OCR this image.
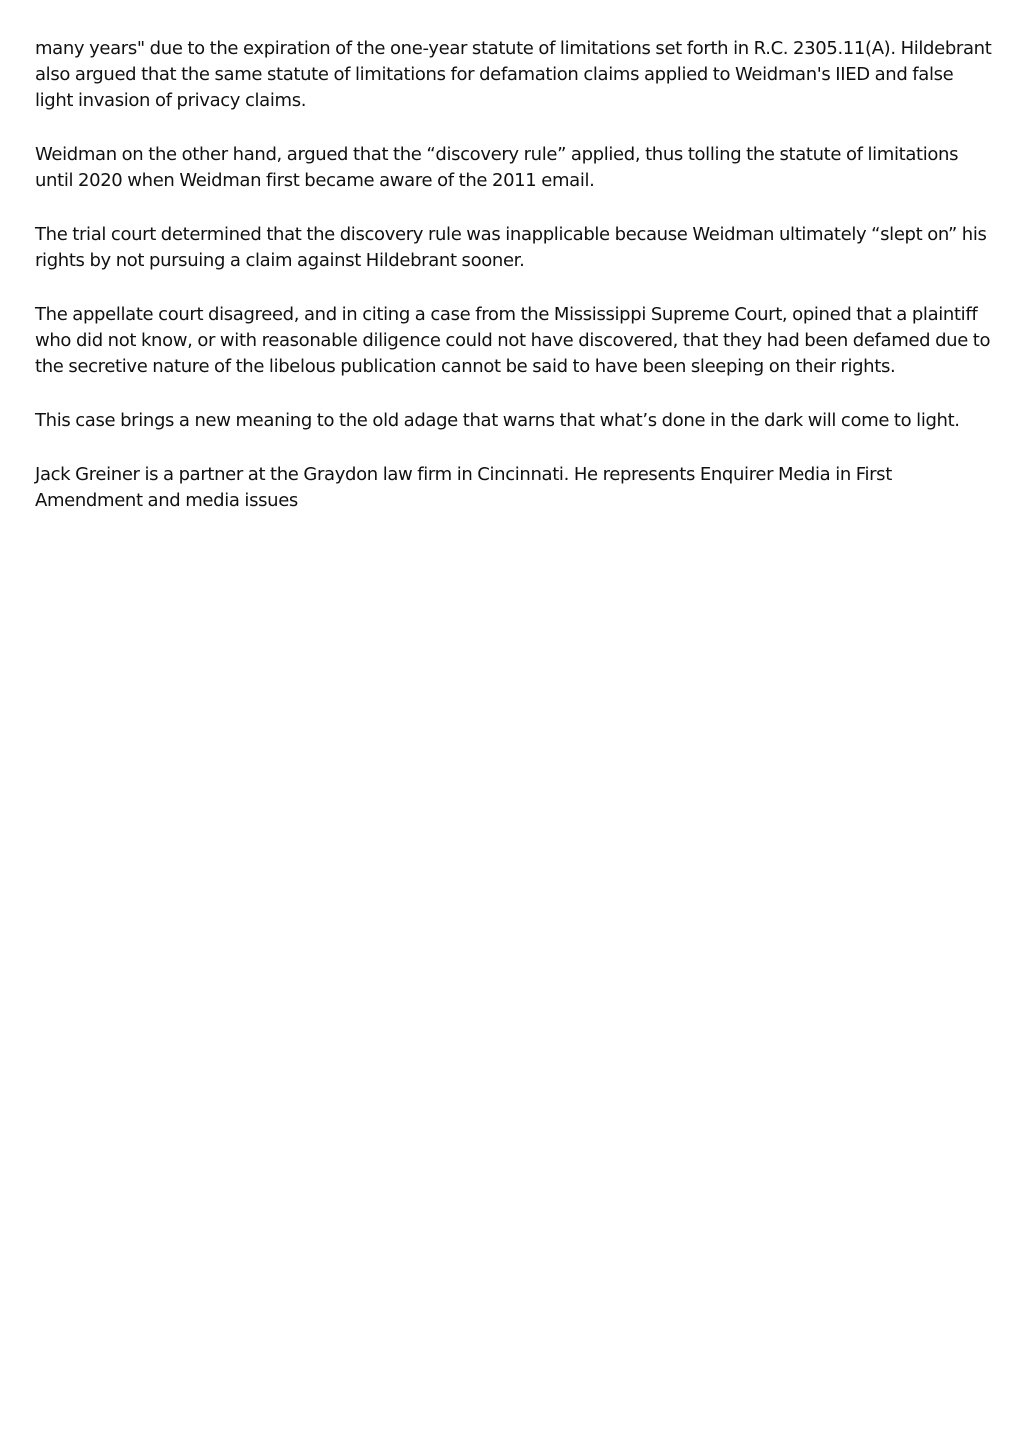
many years" due to the expiration of the one-year statute of limitations set forth in R.C. 2305.11(A). Hildebrant also argued that the same statute of limitations for defamation claims applied to Weidman's IIED and false light invasion of privacy claims.

Weidman on the other hand, argued that the “discovery rule” applied, thus tolling the statute of limitations until 2020 when Weidman first became aware of the 2011 email.

The trial court determined that the discovery rule was inapplicable because Weidman ultimately “slept on” his rights by not pursuing a claim against Hildebrant sooner.

The appellate court disagreed, and in citing a case from the Mississippi Supreme Court, opined that a plaintiff who did not know, or with reasonable diligence could not have discovered, that they had been defamed due to the secretive nature of the libelous publication cannot be said to have been sleeping on their rights.

This case brings a new meaning to the old adage that warns that what’s done in the dark will come to light.

Jack Greiner is a partner at the Graydon law firm in Cincinnati. He represents Enquirer Media in First Amendment and media issues
